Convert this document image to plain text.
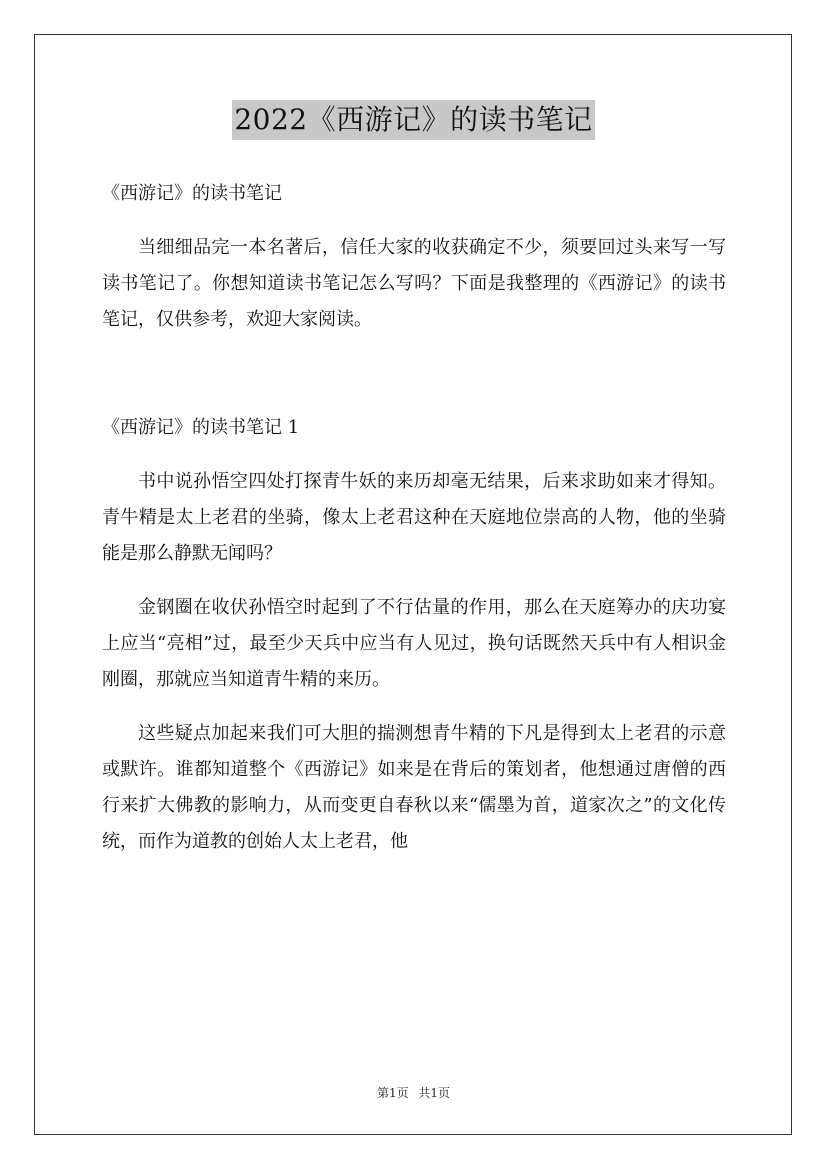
2022《西游记》的读书笔记

《西游记》的读书笔记

当细细品完一本名著后，信任大家的收获确定不少，须要回过头来写一写读书笔记了。你想知道读书笔记怎么写吗？下面是我整理的《西游记》的读书笔记，仅供参考，欢迎大家阅读。

《西游记》的读书笔记 1

书中说孙悟空四处打探青牛妖的来历却毫无结果，后来求助如来才得知。青牛精是太上老君的坐骑，像太上老君这种在天庭地位崇高的人物，他的坐骑能是那么静默无闻吗？

金钢圈在收伏孙悟空时起到了不行估量的作用，那么在天庭筹办的庆功宴上应当“亮相”过，最至少天兵中应当有人见过，换句话既然天兵中有人相识金刚圈，那就应当知道青牛精的来历。

这些疑点加起来我们可大胆的揣测想青牛精的下凡是得到太上老君的示意或默许。谁都知道整个《西游记》如来是在背后的策划者，他想通过唐僧的西行来扩大佛教的影响力，从而变更自春秋以来“儒墨为首，道家次之”的文化传统，而作为道教的创始人太上老君，他

第1页 共1页
